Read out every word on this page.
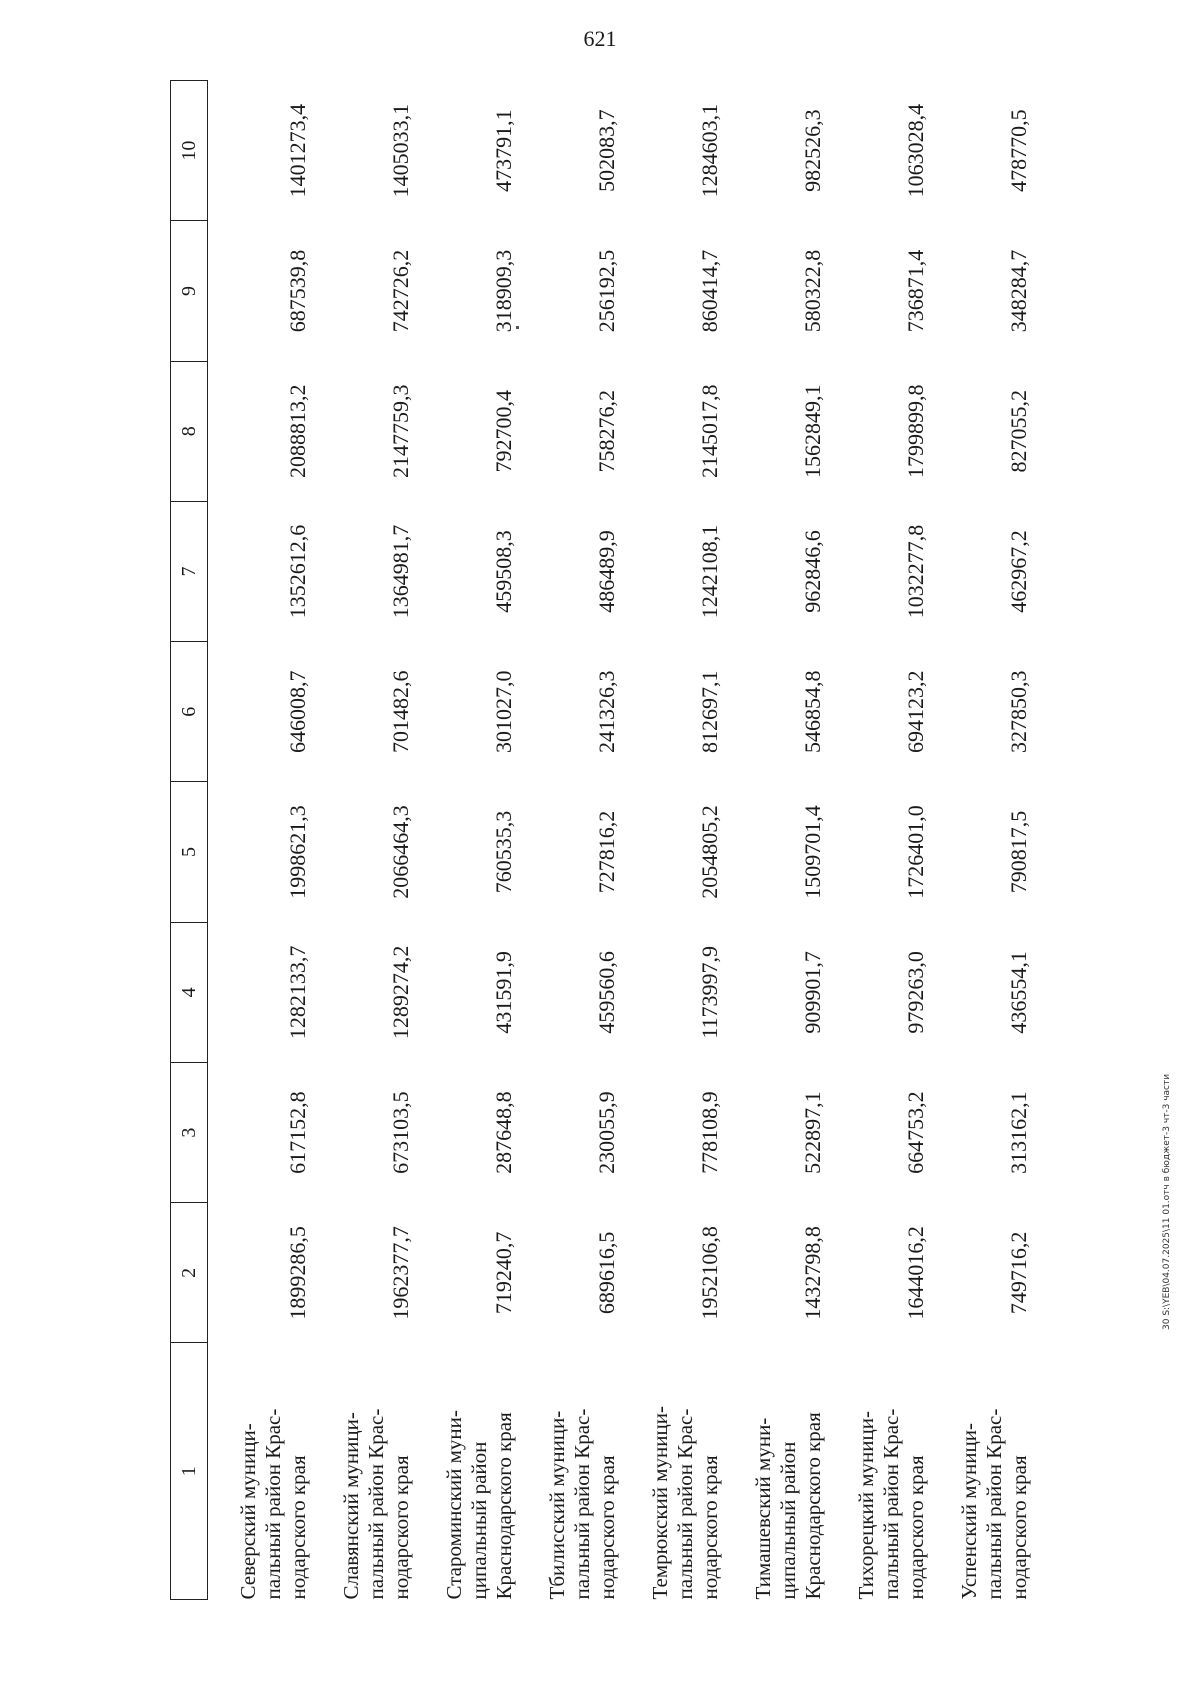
621
1	2	3	4	5	6	7	8	9	10
Северский муници-
пальный район Крас-
нодарского края	1899286,5	617152,8	1282133,7	1998621,3	646008,7	1352612,6	2088813,2	687539,8	1401273,4
Славянский муници-
пальный район Крас-
нодарского края	1962377,7	673103,5	1289274,2	2066464,3	701482,6	1364981,7	2147759,3	742726,2	1405033,1
Староминский муни-
ципальный район
Краснодарского края	719240,7	287648,8	431591,9	760535,3	301027,0	459508,3	792700,4	318909,3	473791,1
Тбилисский муници-
пальный район Крас-
нодарского края	689616,5	230055,9	459560,6	727816,2	241326,3	486489,9	758276,2	256192,5	502083,7
Темрюкский муници-
пальный район Крас-
нодарского края	1952106,8	778108,9	1173997,9	2054805,2	812697,1	1242108,1	2145017,8	860414,7	1284603,1
Тимашевский муни-
ципальный район
Краснодарского края	1432798,8	522897,1	909901,7	1509701,4	546854,8	962846,6	1562849,1	580322,8	982526,3
Тихорецкий муници-
пальный район Крас-
нодарского края	1644016,2	664753,2	979263,0	1726401,0	694123,2	1032277,8	1799899,8	736871,4	1063028,4
Успенский муници-
пальный район Крас-
нодарского края	749716,2	313162,1	436554,1	790817,5	327850,3	462967,2	827055,2	348284,7	478770,5
30 S:\YEB\04.07.2025\11 01.отч в бюджет-3 чт-3 части
